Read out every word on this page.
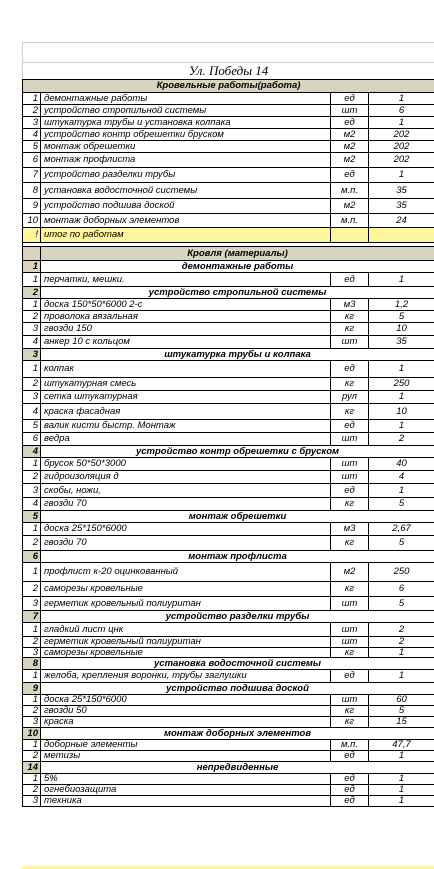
Ул. Победы 14
Кровельные работы(работа)			
1	демонтажные работы	ед	1
2	устройство стропильной системы	шт	6
3	штукатурка трубы и установка колпака	ед	1
4	устройство контр обрешетки бруском	м2	202
5	монтаж обрешетки	м2	202
6	монтаж профлиста	м2	202
7	устройство разделки трубы	ед	1
8	установка водосточной системы	м.п.	35
9	устройство подшива доской	м2	35
10	монтаж доборных элементов	м.п.	24
!	итог по работам		

	Кровля (материалы)		
1	демонтажные работы		
1	перчатки, мешки.	ед	1
2	устройство стропильной системы		
1	доска 150*50*6000 2-с	м3	1,2
2	проволока вязальная	кг	5
3	гвозди 150	кг	10
4	анкер 10 с кольцом	шт	35
3	штукатурка трубы и колпака		
1	колпак	ед	1
2	штукатурная смесь	кг	250
3	сетка штукатурная	рул	1
4	краска фасадная	кг	10
5	валик кисти быстр. Монтаж	ед	1
6	ведра	шт	2
4	устройство контр обрешетки с бруском		
1	брусок 50*50*3000	шт	40
2	гидроизоляция д	шт	4
3	скобы, ножи,	ед	1
4	гвозди 70	кг	5
5	монтаж обрешетки		
1	доска 25*150*6000	м3	2,67
2	гвозди 70	кг	5
6	монтаж профлиста		
1	профлист к-20 оцинкованный	м2	250
2	саморезы кровельные	кг	6
3	герметик кровельный полиуритан	шт	5
7	устройство разделки трубы		
1	гладкий лист цнк	шт	2
2	герметик кровельный полиуритан	шт	2
3	саморезы кровельные	кг	1
8	установка водосточной системы		
1	желоба, крепления воронки, трубы заглушки	ед	1
9	устройство подшива доской		
1	доска 25*150*6000	шт	60
2	гвозди 50	кг	5
3	краска	кг	15
10	монтаж доборных элементов		
1	доборные элементы	м.п.	47,7
2	метизы	ед	1
14	непредвиденные		
1	5%	ед	1
2	огнебиозащита	ед	1
3	техника	ед	1
